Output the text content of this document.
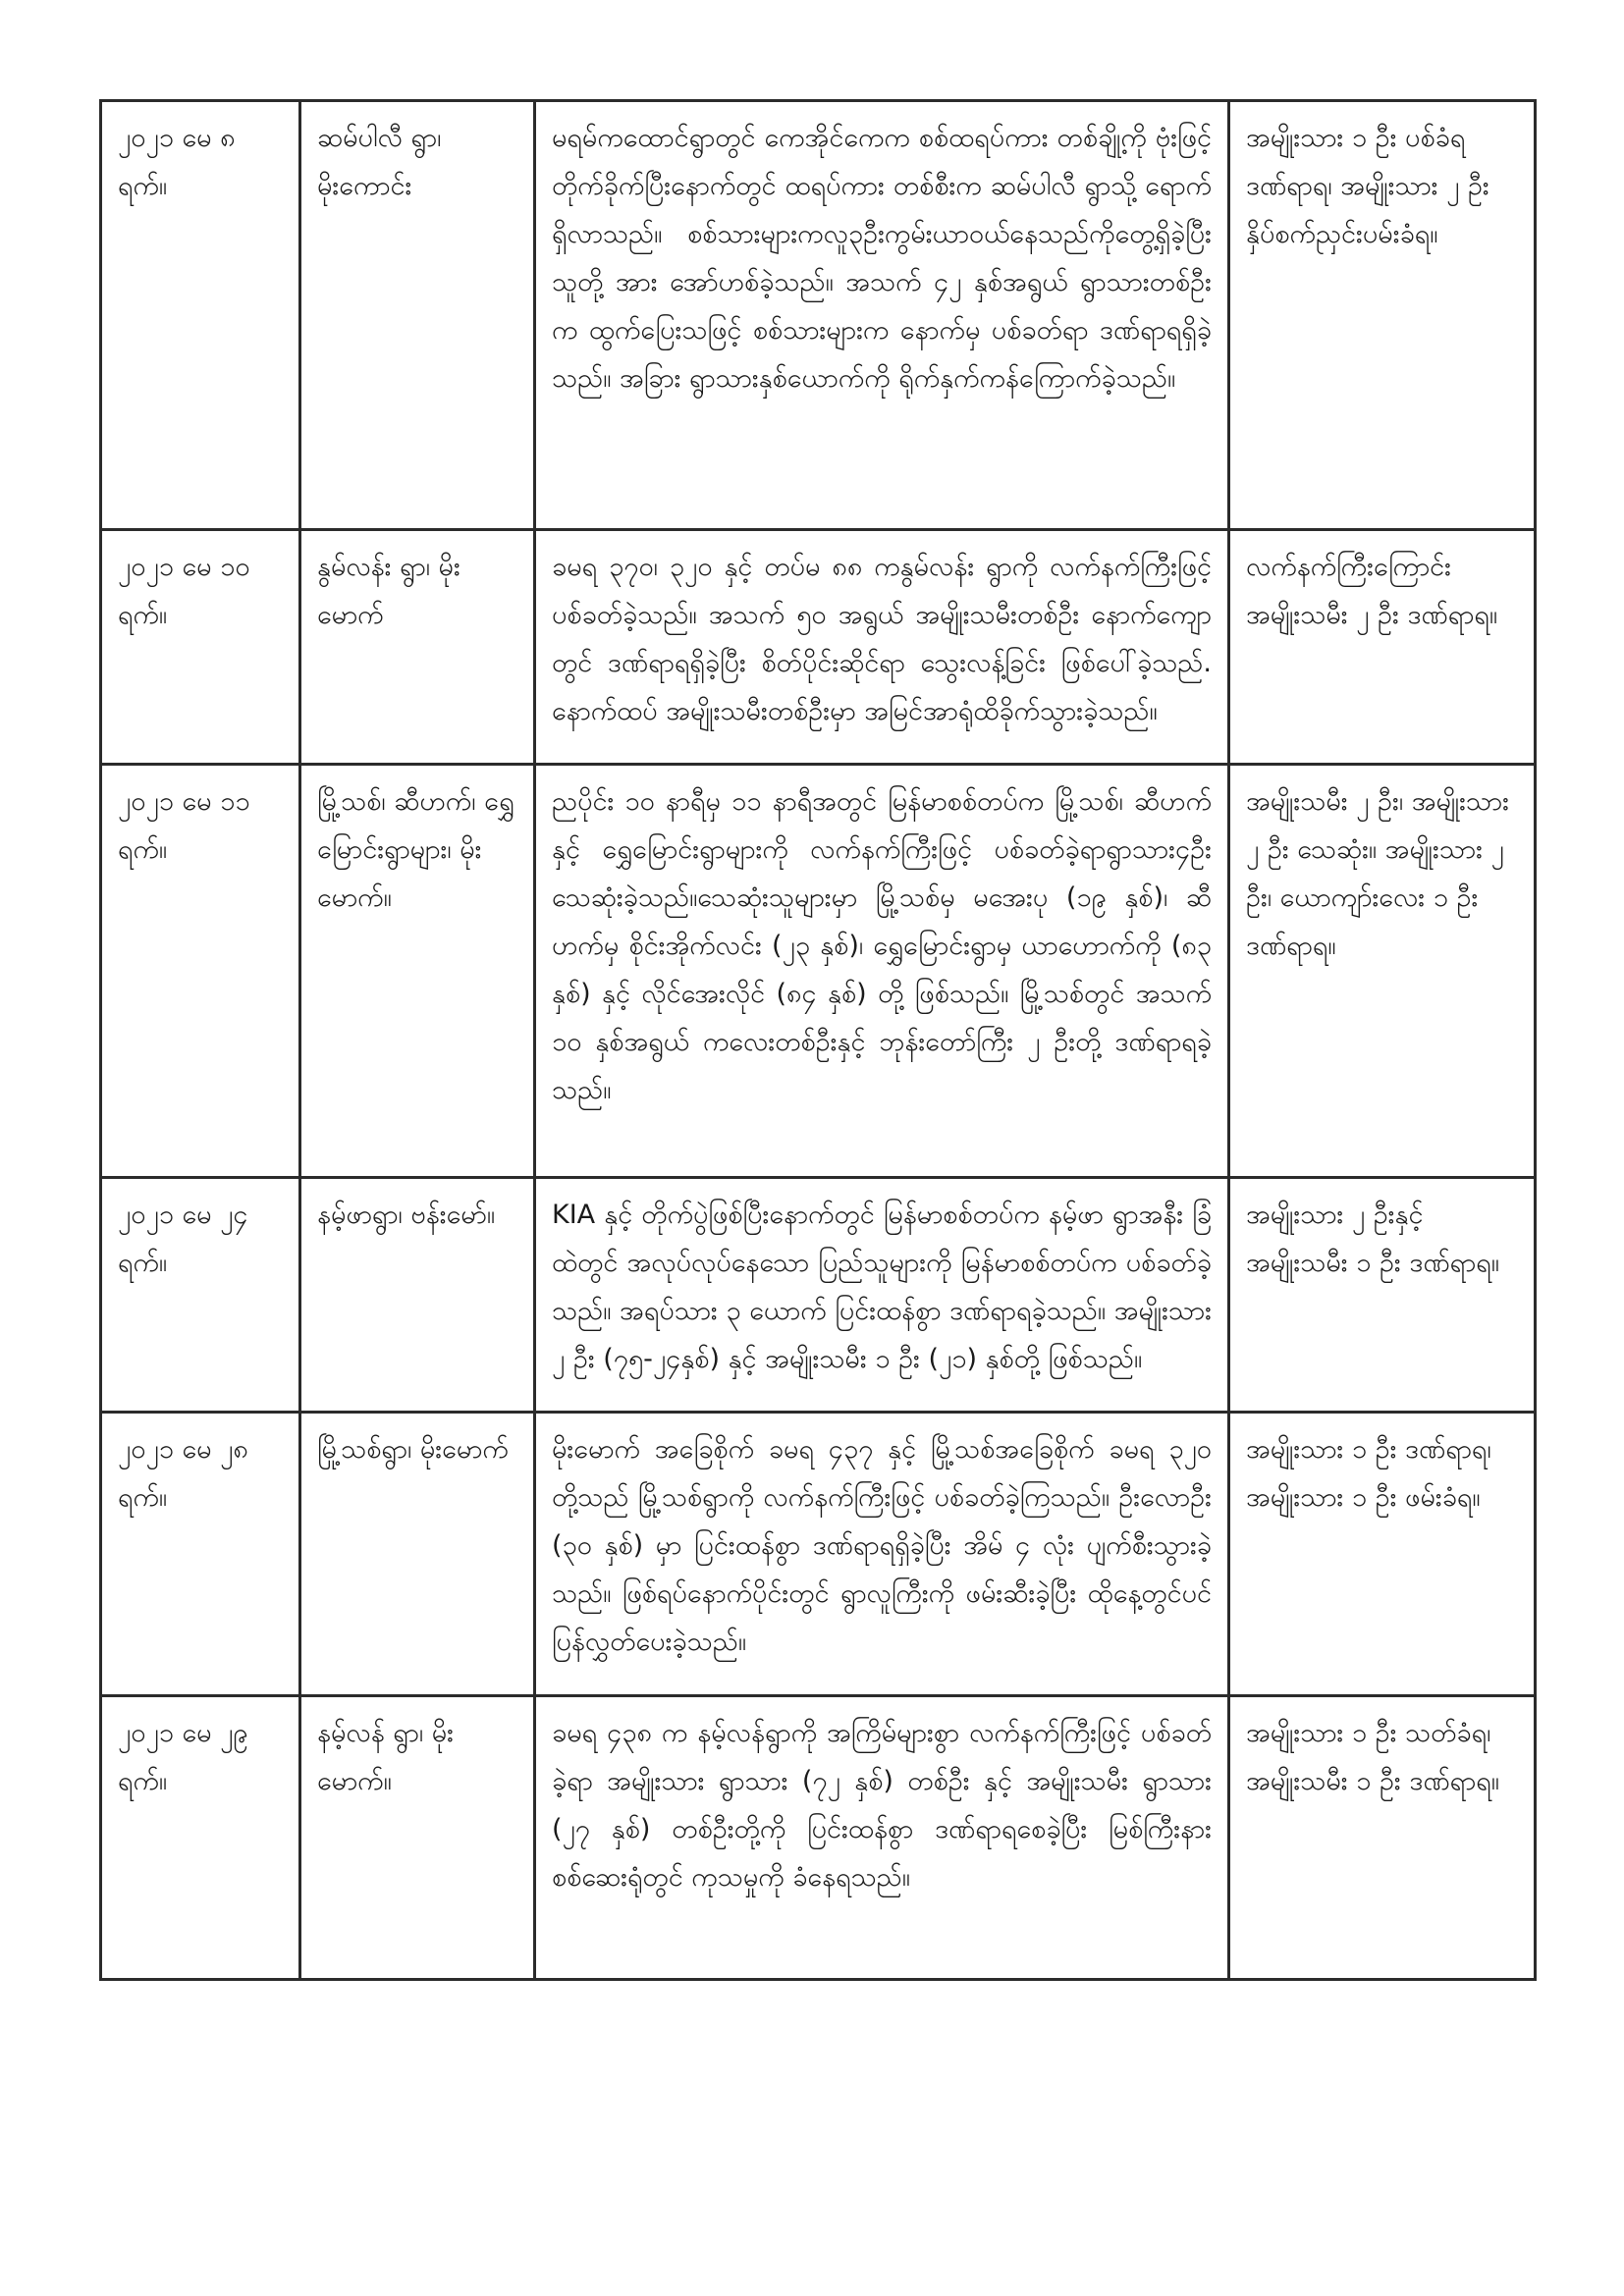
၂၀၂၁ မေ ၈ ရက်။	ဆမ်ပါလီ ရွာ၊ မိုးကောင်း	မရမ်ကထောင်ရွာတွင် ကေအိုင်ကေက စစ်ထရပ်ကား တစ်ချို့ကို ဗုံးဖြင့် တိုက်ခိုက်ပြီးနောက်တွင် ထရပ်ကား တစ်စီးက ဆမ်ပါလီ ရွာသို့ ရောက်ရှိလာသည်။ စစ်သားများကလူ၃ဦးကွမ်းယာဝယ်နေသည်ကိုတွေ့ရှိခဲ့ပြီး သူတို့ အား အော်ဟစ်ခဲ့သည်။ အသက် ၄၂ နှစ်အရွယ် ရွာသားတစ်ဦးက ထွက်ပြေးသဖြင့် စစ်သားများက နောက်မှ ပစ်ခတ်ရာ ဒဏ်ရာရရှိခဲ့သည်။ အခြား ရွာသားနှစ်ယောက်ကို ရိုက်နှက်ကန်ကြောက်ခဲ့သည်။	အမျိုးသား ၁ ဦး ပစ်ခံရ ဒဏ်ရာရ၊ အမျိုးသား ၂ ဦးနှိပ်စက်ညှင်းပမ်းခံရ။
၂၀၂၁ မေ ၁၀ ရက်။	နွမ်လန်း ရွာ၊ မိုးမောက်	ခမရ ၃၇၀၊ ၃၂၀ နှင့် တပ်မ ၈၈ ကနွမ်လန်း ရွာကို လက်နက်ကြီးဖြင့် ပစ်ခတ်ခဲ့သည်။ အသက် ၅၀ အရွယ် အမျိုးသမီးတစ်ဦး နောက်ကျောတွင် ဒဏ်ရာရရှိခဲ့ပြီး စိတ်ပိုင်းဆိုင်ရာ သွေးလန့်ခြင်း ဖြစ်ပေါ်ခဲ့သည်. နောက်ထပ် အမျိုးသမီးတစ်ဦးမှာ အမြင်အာရုံထိခိုက်သွားခဲ့သည်။	လက်နက်ကြီးကြောင်း အမျိုးသမီး ၂ ဦး ဒဏ်ရာရ။
၂၀၂၁ မေ ၁၁ ရက်။	မြို့သစ်၊ ဆီဟက်၊ ရွှေမြောင်းရွာများ၊ မိုးမောက်။	ညပိုင်း ၁၀ နာရီမှ ၁၁ နာရီအတွင် မြန်မာစစ်တပ်က မြို့သစ်၊ ဆီဟက်နှင့် ရွှေမြောင်းရွာများကို လက်နက်ကြီးဖြင့် ပစ်ခတ်ခဲ့ရာရွာသား၄ဦးသေဆုံးခဲ့သည်။သေဆုံးသူများမှာ မြို့သစ်မှ မအေးပု (၁၉ နှစ်)၊ ဆီဟက်မှ စိုင်းအိုက်လင်း (၂၃ နှစ်)၊ ရွှေမြောင်းရွာမှ ယာဟောက်ကို (၈၃ နှစ်) နှင့် လိုင်အေးလိုင် (၈၄ နှစ်) တို့ ဖြစ်သည်။ မြို့သစ်တွင် အသက် ၁၀ နှစ်အရွယ် ကလေးတစ်ဦးနှင့် ဘုန်းတော်ကြီး ၂ ဦးတို့ ဒဏ်ရာရခဲ့သည်။	အမျိုးသမီး ၂ ဦး၊ အမျိုးသား ၂ ဦး သေဆုံး။ အမျိုးသား ၂ ဦး၊ ယောကျာ်းလေး ၁ ဦး ဒဏ်ရာရ။
၂၀၂၁ မေ ၂၄ ရက်။	နမ့်ဖာရွာ၊ ဗန်းမော်။	KIA နှင့် တိုက်ပွဲဖြစ်ပြီးနောက်တွင် မြန်မာစစ်တပ်က နမ့်ဖာ ရွာအနီး ခြံထဲတွင် အလုပ်လုပ်နေသော ပြည်သူများကို မြန်မာစစ်တပ်က ပစ်ခတ်ခဲ့သည်။ အရပ်သား ၃ ယောက် ပြင်းထန်စွာ ဒဏ်ရာရခဲ့သည်။ အမျိုးသား ၂ ဦး (၇၅-၂၄နှစ်) နှင့် အမျိုးသမီး ၁ ဦး (၂၁) နှစ်တို့ ဖြစ်သည်။	အမျိုးသား ၂ ဦးနှင့် အမျိုးသမီး ၁ ဦး ဒဏ်ရာရ။
၂၀၂၁ မေ ၂၈ ရက်။	မြို့သစ်ရွာ၊ မိုးမောက်	မိုးမောက် အခြေစိုက် ခမရ ၄၃၇ နှင့် မြို့သစ်အခြေစိုက် ခမရ ၃၂၀ တို့သည် မြို့သစ်ရွာကို လက်နက်ကြီးဖြင့် ပစ်ခတ်ခဲ့ကြသည်။ ဦးလောဦး (၃၀ နှစ်) မှာ ပြင်းထန်စွာ ဒဏ်ရာရရှိခဲ့ပြီး အိမ် ၄ လုံး ပျက်စီးသွားခဲ့သည်။ ဖြစ်ရပ်နောက်ပိုင်းတွင် ရွာလူကြီးကို ဖမ်းဆီးခဲ့ပြီး ထိုနေ့တွင်ပင် ပြန်လွှတ်ပေးခဲ့သည်။	အမျိုးသား ၁ ဦး ဒဏ်ရာရ၊ အမျိုးသား ၁ ဦး ဖမ်းခံရ။
၂၀၂၁ မေ ၂၉ ရက်။	နမ့်လန် ရွာ၊ မိုးမောက်။	ခမရ ၄၃၈ က နမ့်လန်ရွာကို အကြိမ်များစွာ လက်နက်ကြီးဖြင့် ပစ်ခတ်ခဲ့ရာ အမျိုးသား ရွာသား (၇၂ နှစ်) တစ်ဦး နှင့် အမျိုးသမီး ရွာသား (၂၇ နှစ်) တစ်ဦးတို့ကို ပြင်းထန်စွာ ဒဏ်ရာရစေခဲ့ပြီး မြစ်ကြီးနား စစ်ဆေးရုံတွင် ကုသမှုကို ခံနေရသည်။	အမျိုးသား ၁ ဦး သတ်ခံရ၊ အမျိုးသမီး ၁ ဦး ဒဏ်ရာရ။
